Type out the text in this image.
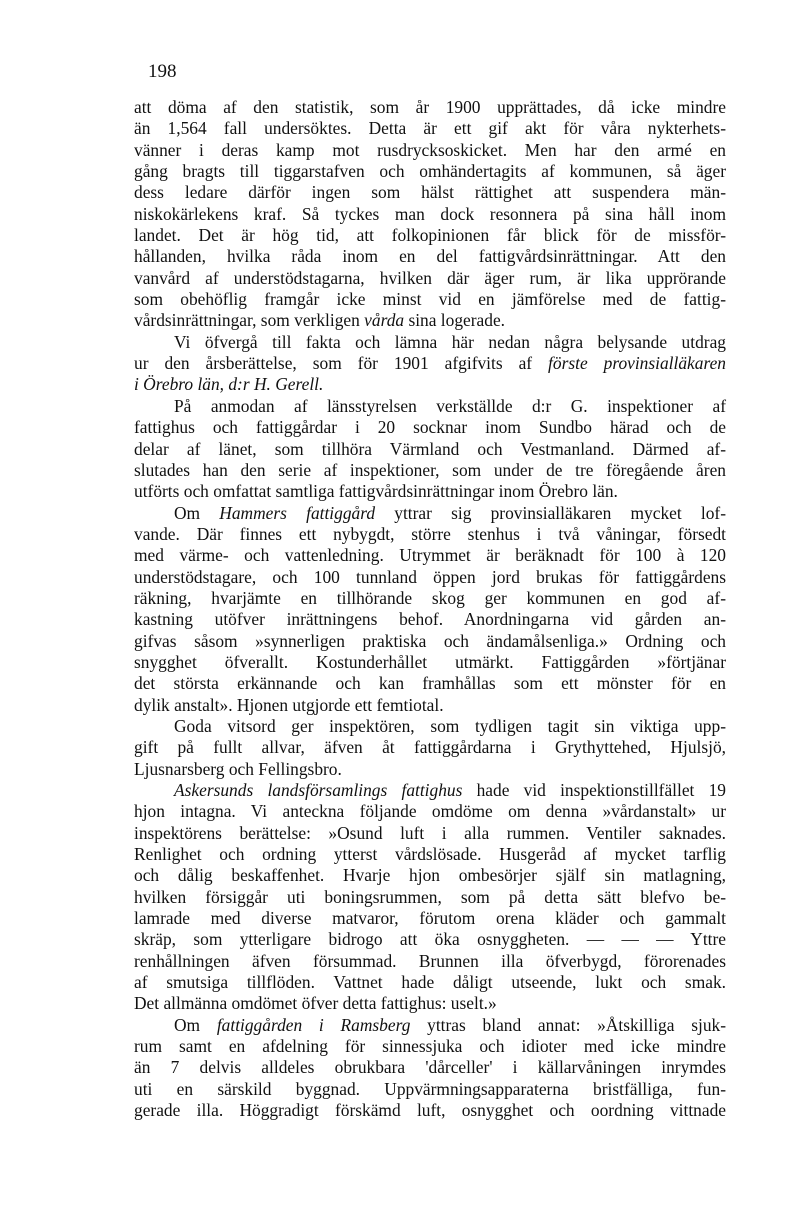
198
att döma af den statistik, som år 1900 upprättades, då icke mindre
än 1,564 fall undersöktes. Detta är ett gif akt för våra nykterhets-
vänner i deras kamp mot rusdrycksoskicket. Men har den armé en
gång bragts till tiggarstafven och omhändertagits af kommunen, så äger
dess ledare därför ingen som hälst rättighet att suspendera män-
niskokärlekens kraf. Så tyckes man dock resonnera på sina håll inom
landet. Det är hög tid, att folkopinionen får blick för de missför-
hållanden, hvilka råda inom en del fattigvårdsinrättningar. Att den
vanvård af understödstagarna, hvilken där äger rum, är lika upprörande
som obehöflig framgår icke minst vid en jämförelse med de fattig-
vårdsinrättningar, som verkligen vårda sina logerade.
Vi öfvergå till fakta och lämna här nedan några belysande utdrag
ur den årsberättelse, som för 1901 afgifvits af förste provinsialläkaren
i Örebro län, d:r H. Gerell.
På anmodan af länsstyrelsen verkställde d:r G. inspektioner af
fattighus och fattiggårdar i 20 socknar inom Sundbo härad och de
delar af länet, som tillhöra Värmland och Vestmanland. Därmed af-
slutades han den serie af inspektioner, som under de tre föregående åren
utförts och omfattat samtliga fattigvårdsinrättningar inom Örebro län.
Om Hammers fattiggård yttrar sig provinsialläkaren mycket lof-
vande. Där finnes ett nybygdt, större stenhus i två våningar, försedt
med värme- och vattenledning. Utrymmet är beräknadt för 100 à 120
understödstagare, och 100 tunnland öppen jord brukas för fattiggårdens
räkning, hvarjämte en tillhörande skog ger kommunen en god af-
kastning utöfver inrättningens behof. Anordningarna vid gården an-
gifvas såsom »synnerligen praktiska och ändamålsenliga.» Ordning och
snygghet öfverallt. Kostunderhållet utmärkt. Fattiggården »förtjänar
det största erkännande och kan framhållas som ett mönster för en
dylik anstalt». Hjonen utgjorde ett femtiotal.
Goda vitsord ger inspektören, som tydligen tagit sin viktiga upp-
gift på fullt allvar, äfven åt fattiggårdarna i Grythyttehed, Hjulsjö,
Ljusnarsberg och Fellingsbro.
Askersunds landsförsamlings fattighus hade vid inspektionstillfället 19
hjon intagna. Vi anteckna följande omdöme om denna »vårdanstalt» ur
inspektörens berättelse: »Osund luft i alla rummen. Ventiler saknades.
Renlighet och ordning ytterst vårdslösade. Husgeråd af mycket tarflig
och dålig beskaffenhet. Hvarje hjon ombesörjer själf sin matlagning,
hvilken försiggår uti boningsrummen, som på detta sätt blefvo be-
lamrade med diverse matvaror, förutom orena kläder och gammalt
skräp, som ytterligare bidrogo att öka osnyggheten. — — — Yttre
renhållningen äfven försummad. Brunnen illa öfverbygd, förorenades
af smutsiga tillflöden. Vattnet hade dåligt utseende, lukt och smak.
Det allmänna omdömet öfver detta fattighus: uselt.»
Om fattiggården i Ramsberg yttras bland annat: »Åtskilliga sjuk-
rum samt en afdelning för sinnessjuka och idioter med icke mindre
än 7 delvis alldeles obrukbara 'dårceller' i källarvåningen inrymdes
uti en särskild byggnad. Uppvärmningsapparaterna bristfälliga, fun-
gerade illa. Höggradigt förskämd luft, osnygghet och oordning vittnade
